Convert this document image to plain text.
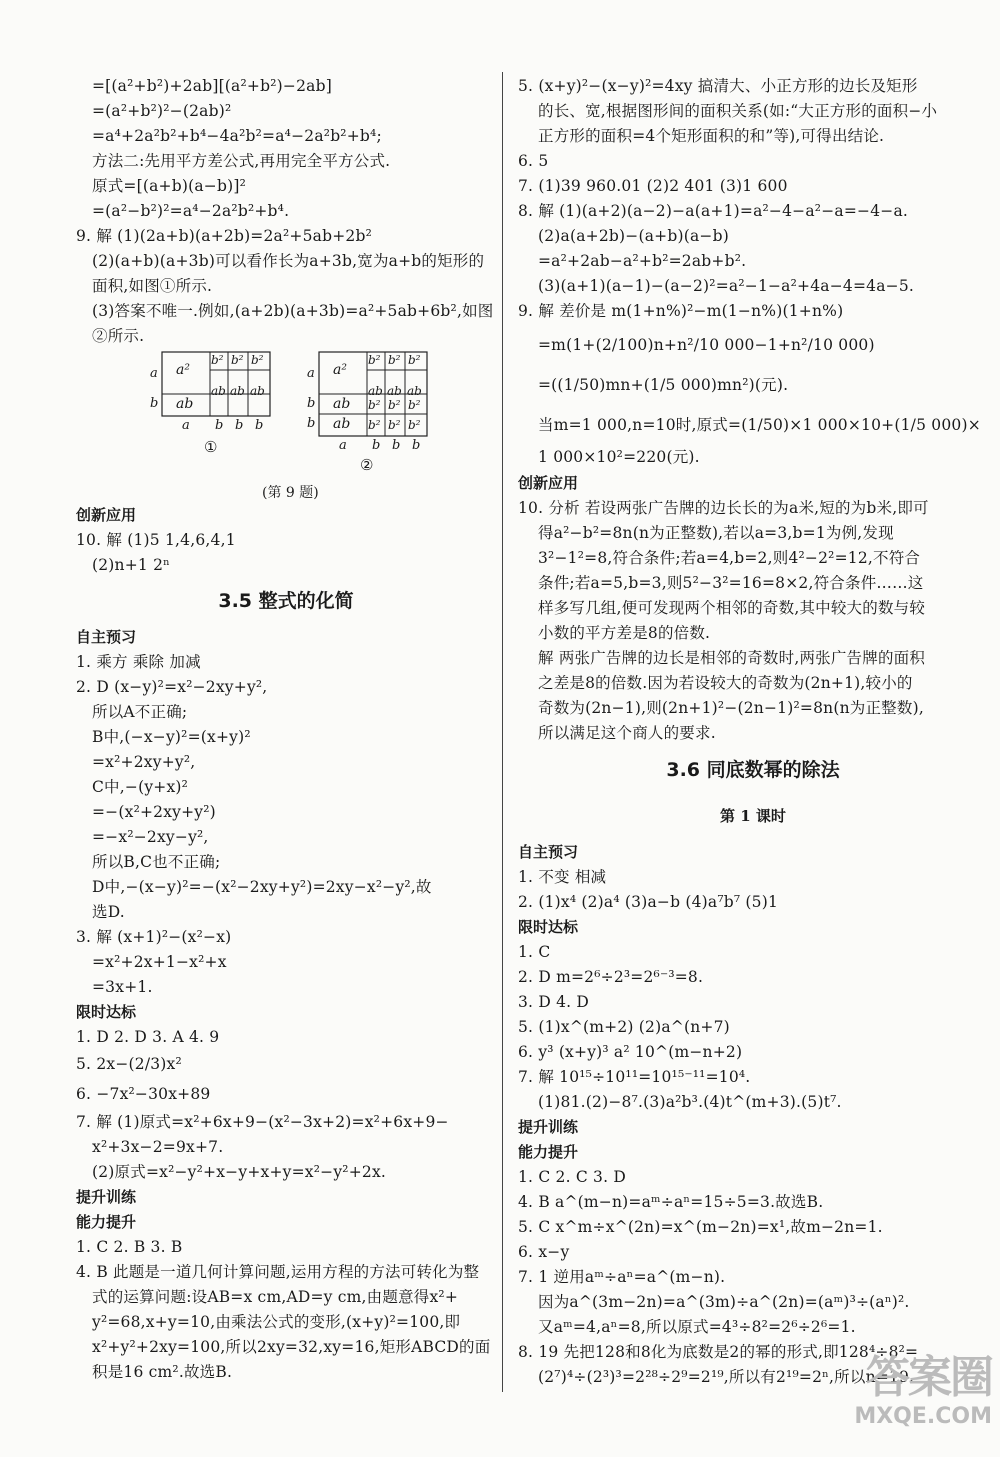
=[(a²+b²)+2ab][(a²+b²)−2ab]
=(a²+b²)²−(2ab)²
=a⁴+2a²b²+b⁴−4a²b²=a⁴−2a²b²+b⁴;
方法二:先用平方差公式,再用完全平方公式.
原式=[(a+b)(a−b)]²
=(a²−b²)²=a⁴−2a²b²+b⁴.
9. 解 (1)(2a+b)(a+2b)=2a²+5ab+2b²
(2)(a+b)(a+3b)可以看作长为a+3b,宽为a+b的矩形的
面积,如图①所示.
(3)答案不唯一.例如,(a+2b)(a+3b)=a²+5ab+6b²,如图
②所示.
a²
ab
b² b² b²
ab ab ab
a
b
a b b b
①
a²
ab
ab
b² b² b²
ab ab ab
b² b² b²
b² b² b²
a
b
b
a b b b
②
(第 9 题)
创新应用
10. 解 (1)5 1,4,6,4,1
(2)n+1 2ⁿ
3.5 整式的化简
自主预习
1. 乘方 乘除 加减
2. D (x−y)²=x²−2xy+y²,
所以A不正确;
B中,(−x−y)²=(x+y)²
=x²+2xy+y²,
C中,−(y+x)²
=−(x²+2xy+y²)
=−x²−2xy−y²,
所以B,C也不正确;
D中,−(x−y)²=−(x²−2xy+y²)=2xy−x²−y²,故
选D.
3. 解 (x+1)²−(x²−x)
=x²+2x+1−x²+x
=3x+1.
限时达标
1. D 2. D 3. A 4. 9
5. 2x−(2/3)x²
6. −7x²−30x+89
7. 解 (1)原式=x²+6x+9−(x²−3x+2)=x²+6x+9−
x²+3x−2=9x+7.
(2)原式=x²−y²+x−y+x+y=x²−y²+2x.
提升训练
能力提升
1. C 2. B 3. B
4. B 此题是一道几何计算问题,运用方程的方法可转化为整
式的运算问题:设AB=x cm,AD=y cm,由题意得x²+
y²=68,x+y=10,由乘法公式的变形,(x+y)²=100,即
x²+y²+2xy=100,所以2xy=32,xy=16,矩形ABCD的面
积是16 cm².故选B.
5. (x+y)²−(x−y)²=4xy 搞清大、小正方形的边长及矩形
的长、宽,根据图形间的面积关系(如:“大正方形的面积−小
正方形的面积=4个矩形面积的和”等),可得出结论.
6. 5
7. (1)39 960.01 (2)2 401 (3)1 600
8. 解 (1)(a+2)(a−2)−a(a+1)=a²−4−a²−a=−4−a.
(2)a(a+2b)−(a+b)(a−b)
=a²+2ab−a²+b²=2ab+b².
(3)(a+1)(a−1)−(a−2)²=a²−1−a²+4a−4=4a−5.
9. 解 差价是 m(1+n%)²−m(1−n%)(1+n%)
=m(1+(2/100)n+n²/10 000−1+n²/10 000)
=((1/50)mn+(1/5 000)mn²)(元).
当m=1 000,n=10时,原式=(1/50)×1 000×10+(1/5 000)×
1 000×10²=220(元).
创新应用
10. 分析 若设两张广告牌的边长长的为a米,短的为b米,即可
得a²−b²=8n(n为正整数),若以a=3,b=1为例,发现
3²−1²=8,符合条件;若a=4,b=2,则4²−2²=12,不符合
条件;若a=5,b=3,则5²−3²=16=8×2,符合条件……这
样多写几组,便可发现两个相邻的奇数,其中较大的数与较
小数的平方差是8的倍数.
解 两张广告牌的边长是相邻的奇数时,两张广告牌的面积
之差是8的倍数.因为若设较大的奇数为(2n+1),较小的
奇数为(2n−1),则(2n+1)²−(2n−1)²=8n(n为正整数),
所以满足这个商人的要求.
3.6 同底数幂的除法
第 1 课时
自主预习
1. 不变 相减
2. (1)x⁴ (2)a⁴ (3)a−b (4)a⁷b⁷ (5)1
限时达标
1. C
2. D m=2⁶÷2³=2⁶⁻³=8.
3. D 4. D
5. (1)x^(m+2) (2)a^(n+7)
6. y³ (x+y)³ a² 10^(m−n+2)
7. 解 10¹⁵÷10¹¹=10¹⁵⁻¹¹=10⁴.
(1)81.(2)−8⁷.(3)a²b³.(4)t^(m+3).(5)t⁷.
提升训练
能力提升
1. C 2. C 3. D
4. B a^(m−n)=aᵐ÷aⁿ=15÷5=3.故选B.
5. C x^m÷x^(2n)=x^(m−2n)=x¹,故m−2n=1.
6. x−y
7. 1 逆用aᵐ÷aⁿ=a^(m−n).
因为a^(3m−2n)=a^(3m)÷a^(2n)=(aᵐ)³÷(aⁿ)².
又aᵐ=4,aⁿ=8,所以原式=4³÷8²=2⁶÷2⁶=1.
8. 19 先把128和8化为底数是2的幂的形式,即128⁴÷8²=
(2⁷)⁴÷(2³)³=2²⁸÷2⁹=2¹⁹,所以有2¹⁹=2ⁿ,所以n=19.
答案圈
MXQE.COM
